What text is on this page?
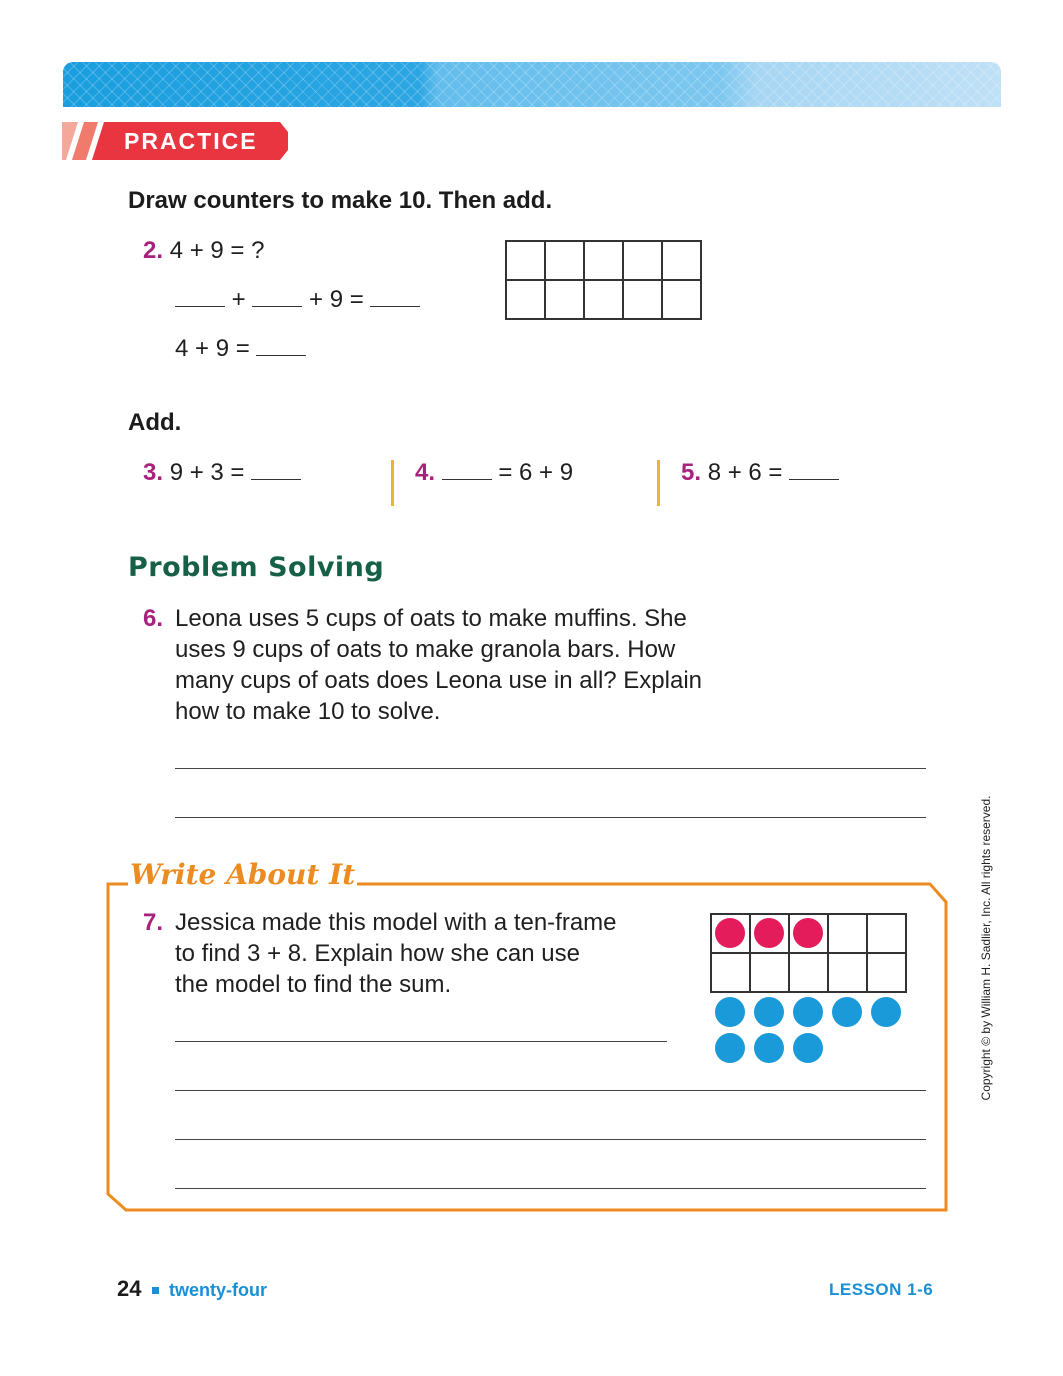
PRACTICE
Draw counters to make 10. Then add.
2. 4 + 9 = ?
+	+ 9 =
4 + 9 =

Add.
3. 9 + 3 =	4.	= 6 + 9	5. 8 + 6 =
Problem Solving
6. Leona uses 5 cups of oats to make muffins. She
uses 9 cups of oats to make granola bars. How
many cups of oats does Leona use in all? Explain
how to make 10 to solve.
Write About It
7. Jessica made this model with a ten-frame
to find 3 + 8. Explain how she can use
the model to find the sum.

					Copyright © by William H. Sadlier, Inc. All rights reserved.
24 twenty-four	LESSON 1-6
